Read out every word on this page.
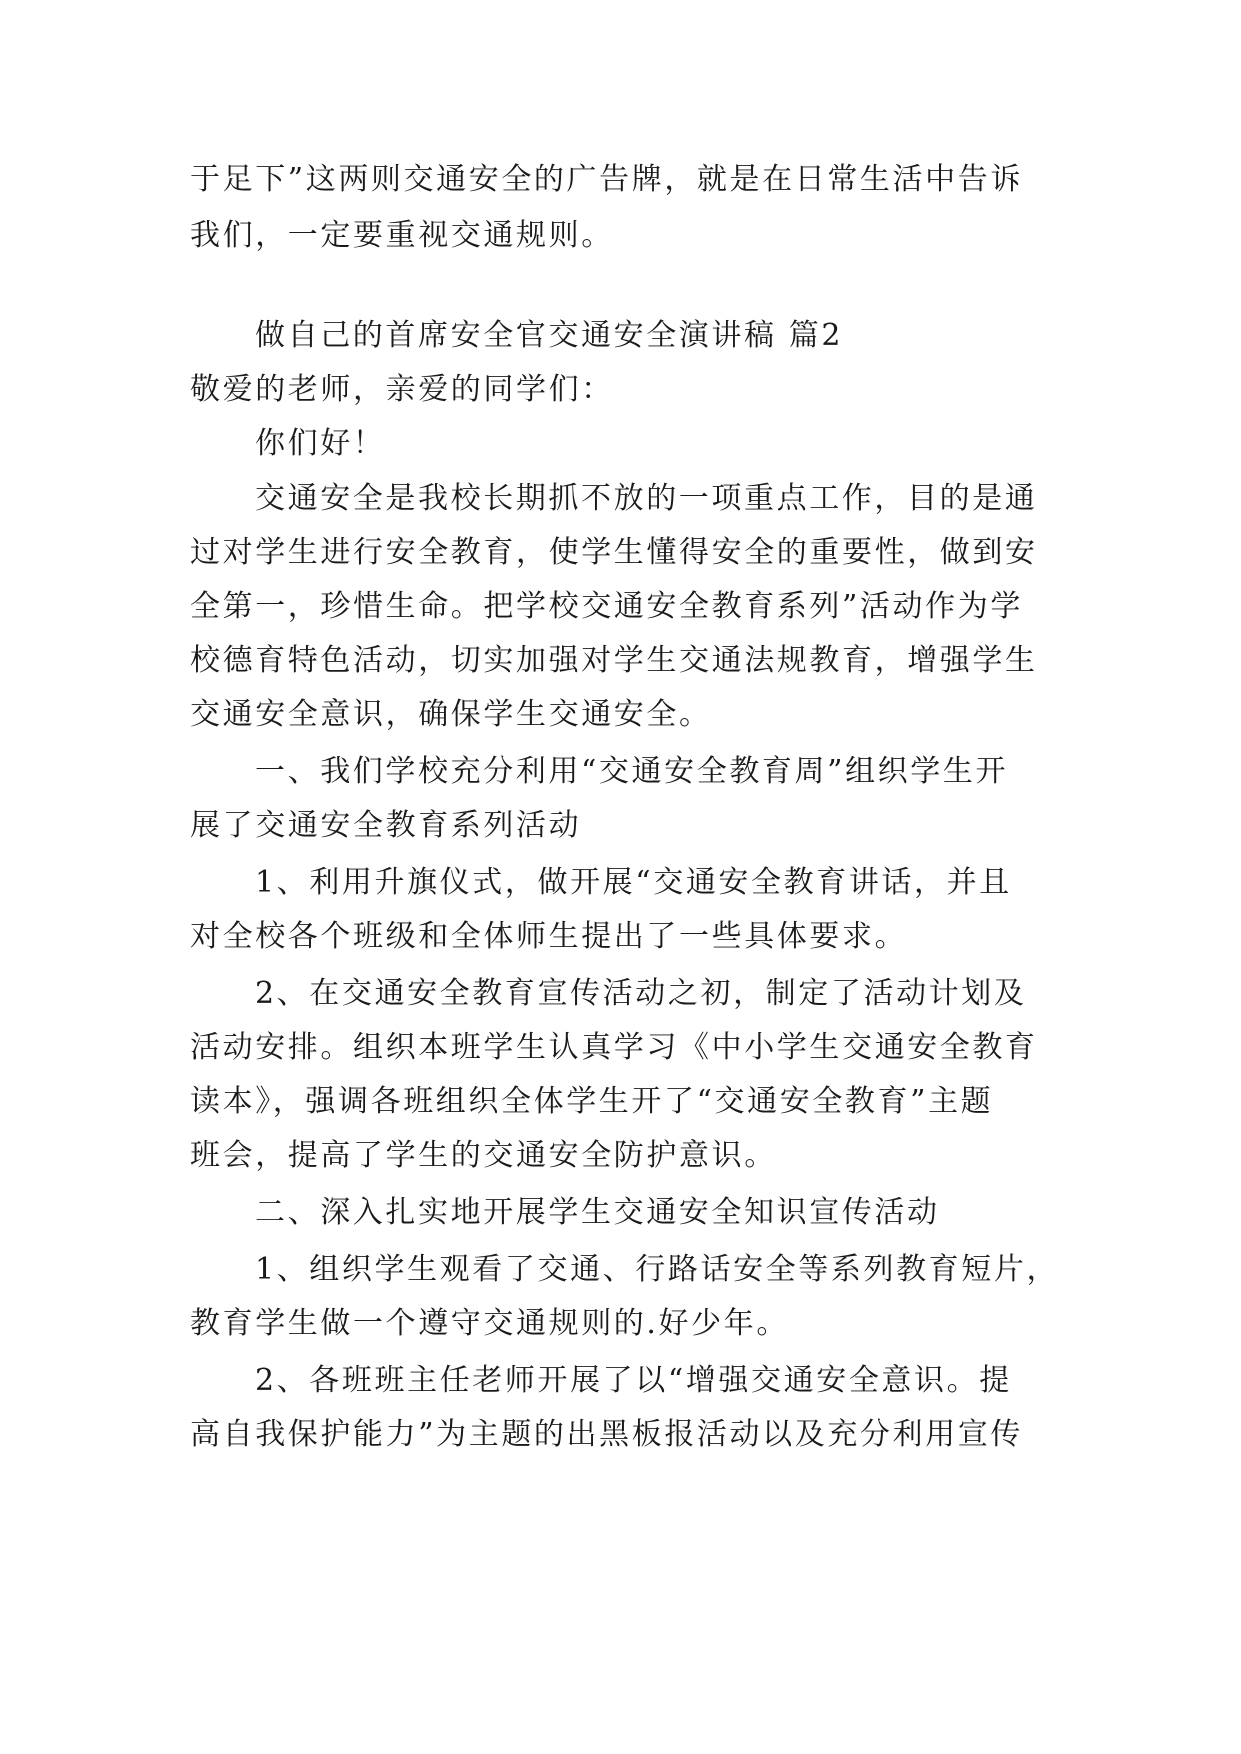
于足下”这两则交通安全的广告牌，就是在日常生活中告诉
我们，一定要重视交通规则。
做自己的首席安全官交通安全演讲稿 篇2
敬爱的老师，亲爱的同学们：
你们好！
交通安全是我校长期抓不放的一项重点工作，目的是通
过对学生进行安全教育，使学生懂得安全的重要性，做到安
全第一，珍惜生命。把学校交通安全教育系列”活动作为学
校德育特色活动，切实加强对学生交通法规教育，增强学生
交通安全意识，确保学生交通安全。
一、我们学校充分利用“交通安全教育周”组织学生开
展了交通安全教育系列活动
1、利用升旗仪式，做开展“交通安全教育讲话，并且
对全校各个班级和全体师生提出了一些具体要求。
2、在交通安全教育宣传活动之初，制定了活动计划及
活动安排。组织本班学生认真学习《中小学生交通安全教育
读本》，强调各班组织全体学生开了“交通安全教育”主题
班会，提高了学生的交通安全防护意识。
二、深入扎实地开展学生交通安全知识宣传活动
1、组织学生观看了交通、行路话安全等系列教育短片，
教育学生做一个遵守交通规则的.好少年。
2、各班班主任老师开展了以“增强交通安全意识。提
高自我保护能力”为主题的出黑板报活动以及充分利用宣传
